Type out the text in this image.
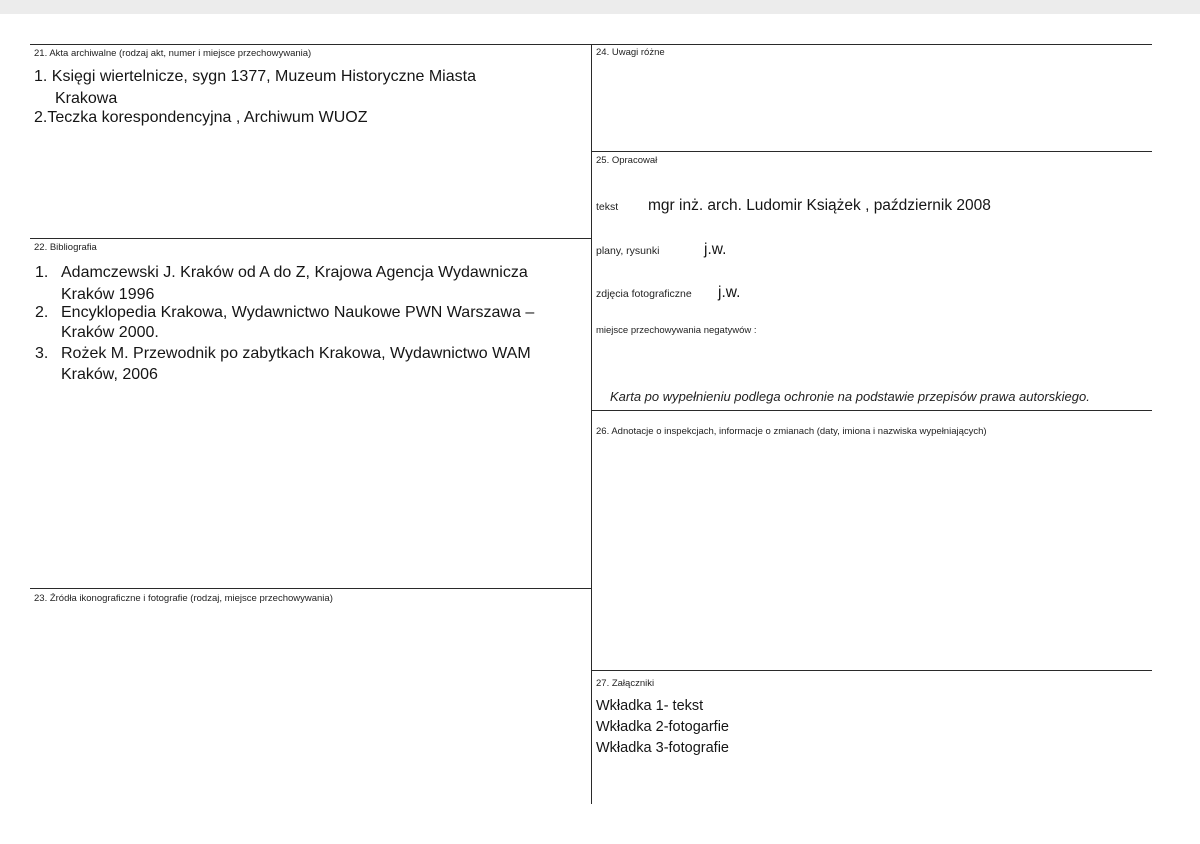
21. Akta archiwalne (rodzaj akt, numer i miejsce przechowywania)
1. Księgi wiertelnicze, sygn 1377, Muzeum Historyczne Miasta
Krakowa
2.Teczka korespondencyjna , Archiwum WUOZ
22. Bibliografia
1. Adamczewski J. Kraków od A do Z, Krajowa Agencja Wydawnicza
Kraków 1996
2. Encyklopedia Krakowa, Wydawnictwo Naukowe PWN Warszawa –
Kraków 2000.
3. Rożek M. Przewodnik po zabytkach Krakowa, Wydawnictwo WAM
Kraków, 2006
23. Źródła ikonograficzne i fotografie (rodzaj, miejsce przechowywania)
24. Uwagi różne
25. Opracował
tekst mgr inż. arch. Ludomir Książek , październik 2008
plany, rysunki	j.w.
zdjęcia fotograficzne j.w.
miejsce przechowywania negatywów :
Karta po wypełnieniu podlega ochronie na podstawie przepisów prawa autorskiego.
26. Adnotacje o inspekcjach, informacje o zmianach (daty, imiona i nazwiska wypełniających)
27. Załączniki
Wkładka 1- tekst
Wkładka 2-fotogarfie
Wkładka 3-fotografie
